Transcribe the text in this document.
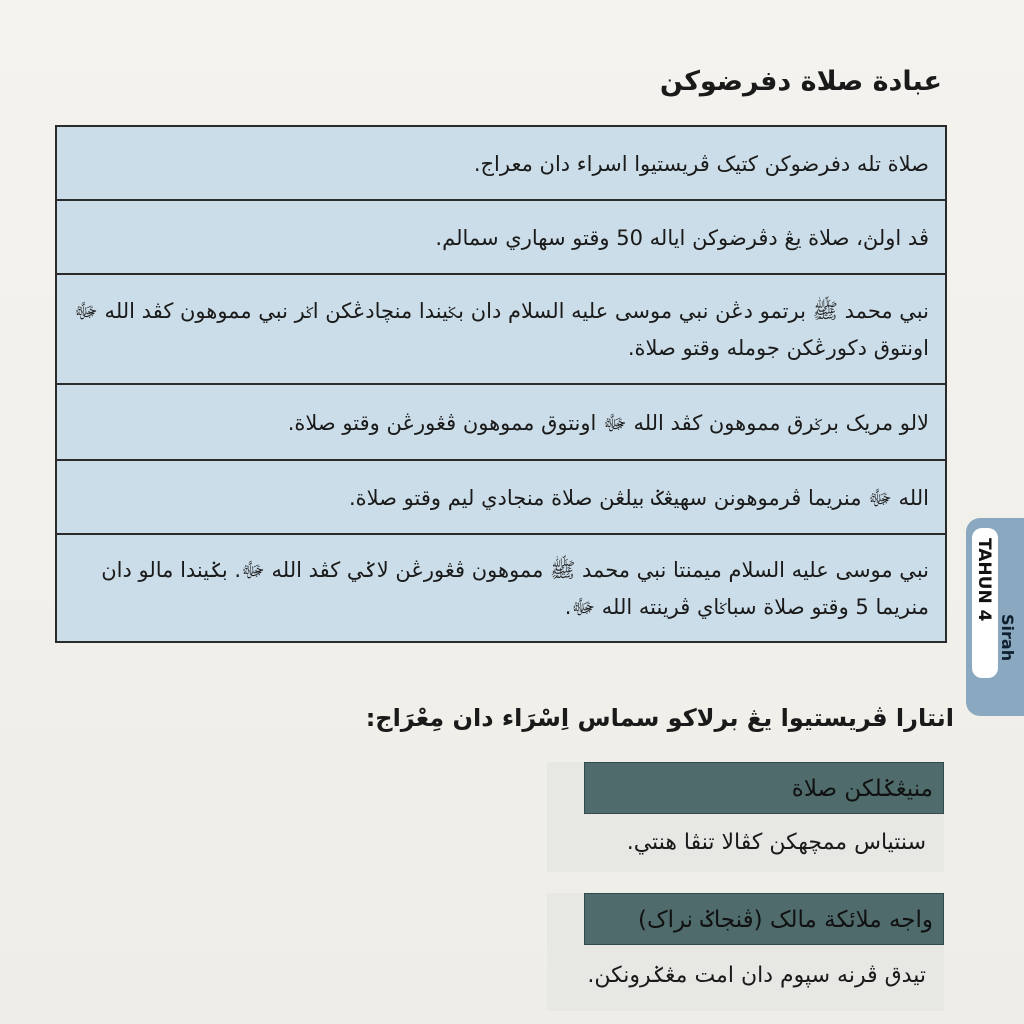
عبادة صلاة دفرضوكن
صلاة تله دفرضوكن كتيک ڤريستيوا اسراء دان معراج.
ڤد اولڽ، صلاة يڠ دڤرضوكن اياله 50 وقتو سهاري سمالم.
نبي محمد ﷺ برتمو دڠن نبي موسى عليه السلام دان بݢيندا منچادڠكن اݢر نبي مموهون كڤد الله ﷻ اونتوق دكورڠكن جومله وقتو صلاة.
لالو مريک برݢرق مموهون كڤد الله ﷻ اونتوق مموهون ڤڠورڠن وقتو صلاة.
الله ﷻ منريما ڤرموهونن سهيڠݢ بيلڠن صلاة منجادي ليم وقتو صلاة.
نبي موسى عليه السلام ميمنتا نبي محمد ﷺ مموهون ڤڠورڠن لاݢي كڤد الله ﷻ. بݢيندا مالو دان منريما 5 وقتو صلاة سباݢاي ڤرينته الله ﷻ.
انتارا ڤريستيوا يڠ برلاكو سماس اِسْرَاء دان مِعْرَاج:
منيڠݢلكن صلاة
سنتياس ممچهكن كڤالا تنڤا هنتي.
واجه ملائكة مالک (ڤنجاݢ نراک)
تيدق ڤرنه سپوم دان امت مڠݢرونكن.
TAHUN 4
Sirah
